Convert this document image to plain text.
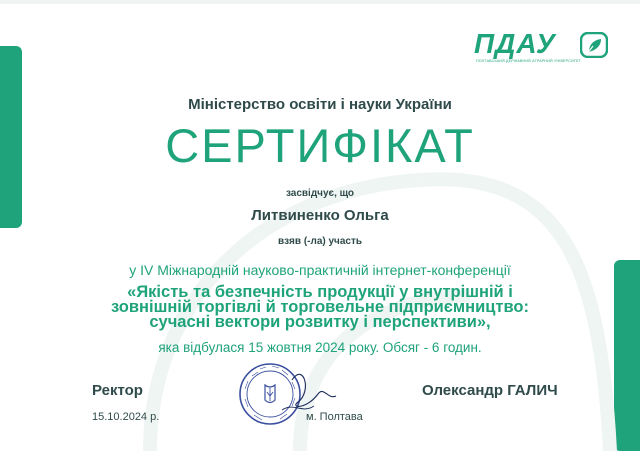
ПДАУ
ПОЛТАВСЬКИЙ ДЕРЖАВНИЙ АГРАРНИЙ УНІВЕРСИТЕТ
Міністерство освіти і науки України
СЕРТИФІКАТ
засвідчує, що
Литвиненко Ольга
взяв (-ла) участь
у IV Міжнародній науково-практичній інтернет-конференції
«Якість та безпечність продукції у внутрішній і
зовнішній торгівлі й торговельне підприємництво:
сучасні вектори розвитку і перспективи»,
яка відбулася 15 жовтня 2024 року. Обсяг - 6 годин.
Ректор
15.10.2024 р.	м. Полтава
Олександр ГАЛИЧ
